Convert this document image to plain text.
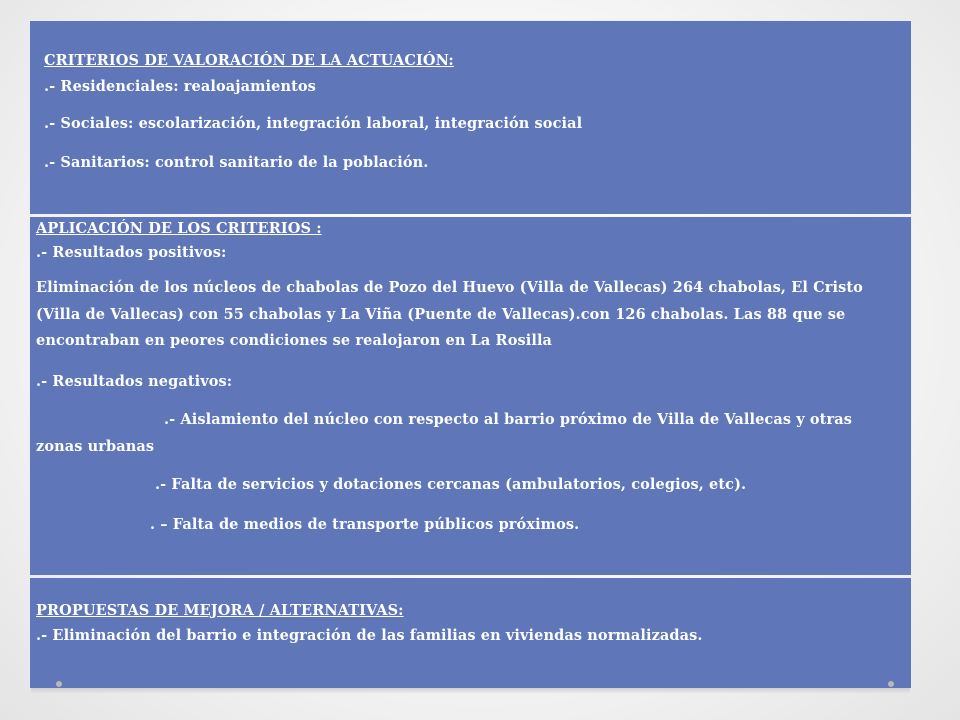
CRITERIOS DE VALORACIÓN DE LA ACTUACIÓN:
.- Residenciales: realoajamientos
.- Sociales: escolarización, integración laboral, integración social
.- Sanitarios: control sanitario de la población.
APLICACIÓN DE LOS CRITERIOS :
.- Resultados positivos:
Eliminación de los núcleos de chabolas de Pozo del Huevo (Villa de Vallecas) 264 chabolas, El Cristo (Villa de Vallecas) con 55 chabolas y La Viña (Puente de Vallecas).con 126 chabolas. Las 88 que se encontraban en peores condiciones se realojaron en La Rosilla
.- Resultados negativos:
.- Aislamiento del núcleo con respecto al barrio próximo de Villa de Vallecas y otras
zonas urbanas
.- Falta de servicios y dotaciones cercanas (ambulatorios, colegios, etc).
. – Falta de medios de transporte públicos próximos.
PROPUESTAS DE MEJORA / ALTERNATIVAS:
.- Eliminación del barrio e integración de las familias en viviendas normalizadas.
